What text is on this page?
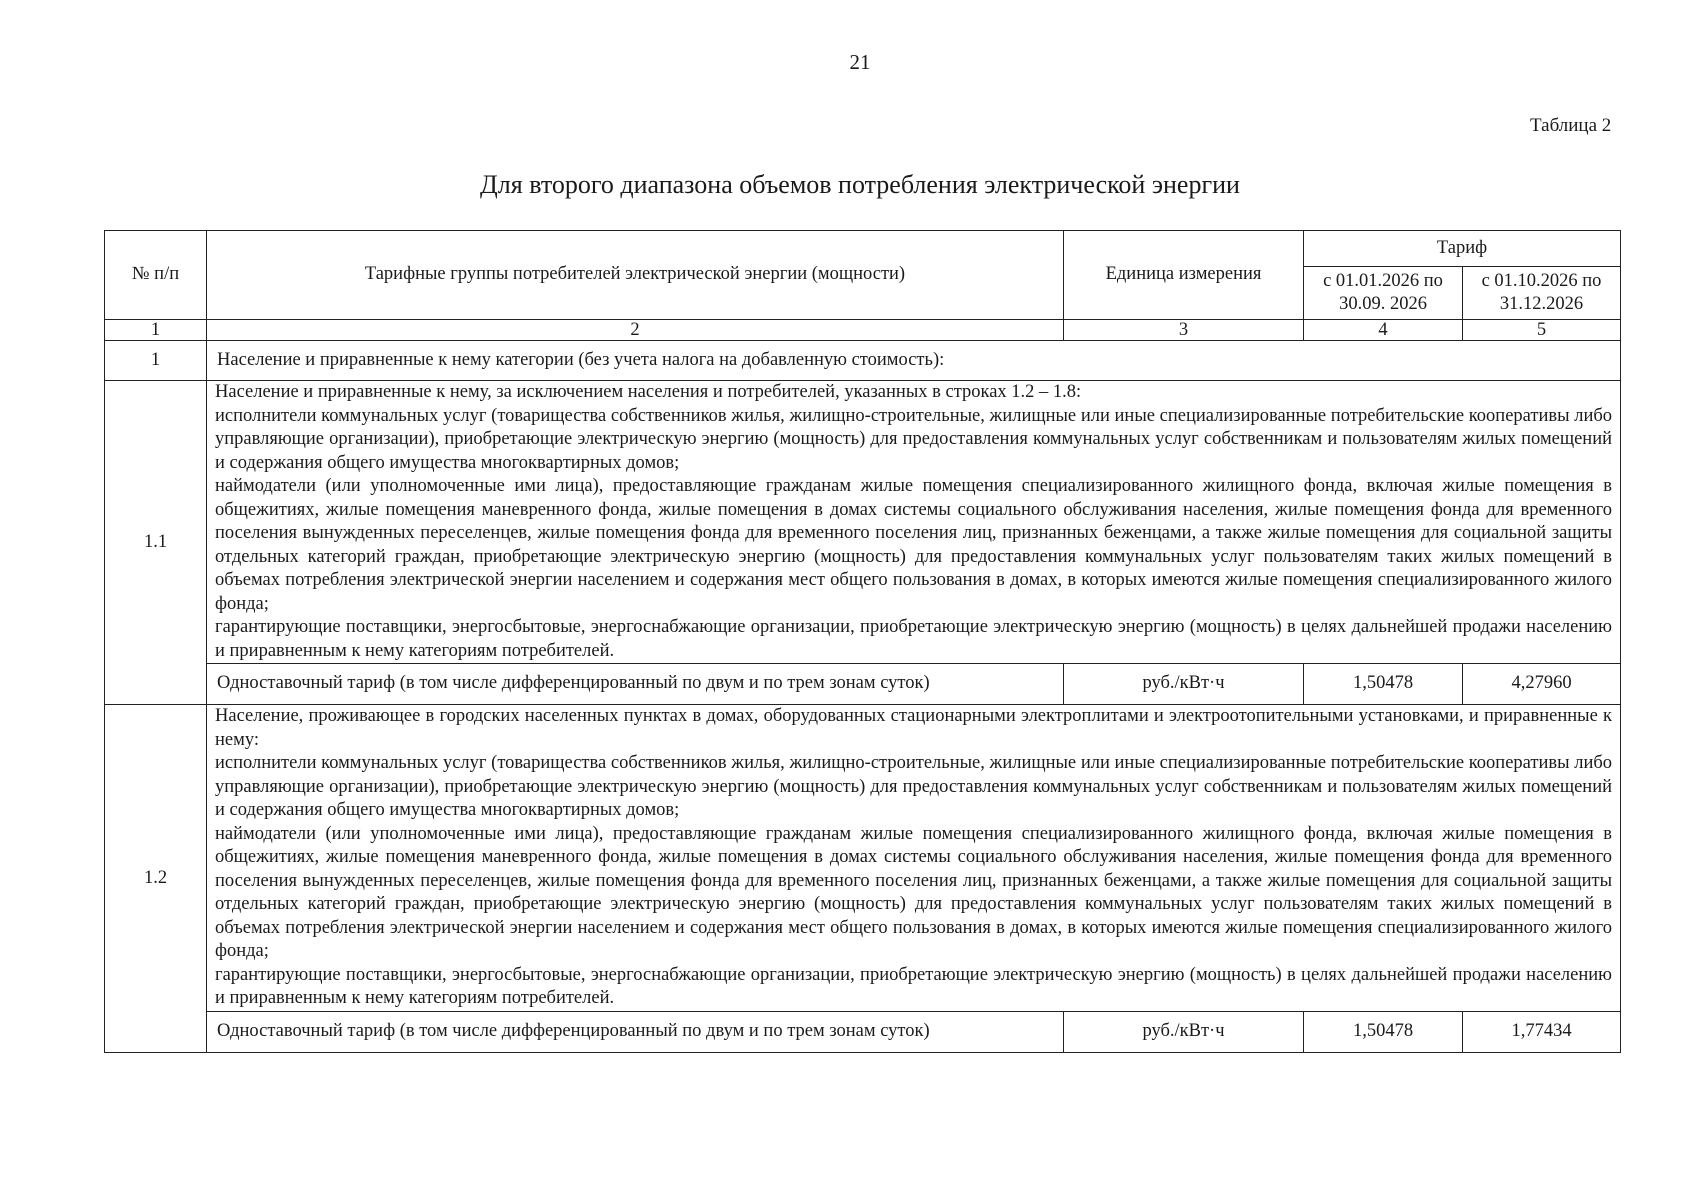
21
Таблица 2
Для второго диапазона объемов потребления электрической энергии
№ п/п	Тарифные группы потребителей электрической энергии (мощности)	Единица измерения	Тариф	
			с 01.01.2026 по 30.09. 2026	с 01.10.2026 по 31.12.2026
1	2	3	4	5
1	Население и приравненные к нему категории (без учета налога на добавленную стоимость):			
1.1	Население и приравненные к нему, за исключением населения и потребителей, указанных в строках 1.2 – 1.8:
исполнители коммунальных услуг (товарищества собственников жилья, жилищно-строительные, жилищные или иные специализированные потребительские кооперативы либо управляющие организации), приобретающие электрическую энергию (мощность) для предоставления коммунальных услуг собственникам и пользователям жилых помещений и содержания общего имущества многоквартирных домов;
наймодатели (или уполномоченные ими лица), предоставляющие гражданам жилые помещения специализированного жилищного фонда, включая жилые помещения в общежитиях, жилые помещения маневренного фонда, жилые помещения в домах системы социального обслуживания населения, жилые помещения фонда для временного поселения вынужденных переселенцев, жилые помещения фонда для временного поселения лиц, признанных беженцами, а также жилые помещения для социальной защиты отдельных категорий граждан, приобретающие электрическую энергию (мощность) для предоставления коммунальных услуг пользователям таких жилых помещений в объемах потребления электрической энергии населением и содержания мест общего пользования в домах, в которых имеются жилые помещения специализированного жилого фонда;
гарантирующие поставщики, энергосбытовые, энергоснабжающие организации, приобретающие электрическую энергию (мощность) в целях дальнейшей продажи населению и приравненным к нему категориям потребителей.			

	Одноставочный тариф (в том числе дифференцированный по двум и по трем зонам суток)	руб./кВт·ч	1,50478	4,27960
1.2	Население, проживающее в городских населенных пунктах в домах, оборудованных стационарными электроплитами и электроотопительными установками, и приравненные к нему:
исполнители коммунальных услуг (товарищества собственников жилья, жилищно-строительные, жилищные или иные специализированные потребительские кооперативы либо управляющие организации), приобретающие электрическую энергию (мощность) для предоставления коммунальных услуг собственникам и пользователям жилых помещений и содержания общего имущества многоквартирных домов;
наймодатели (или уполномоченные ими лица), предоставляющие гражданам жилые помещения специализированного жилищного фонда, включая жилые помещения в общежитиях, жилые помещения маневренного фонда, жилые помещения в домах системы социального обслуживания населения, жилые помещения фонда для временного поселения вынужденных переселенцев, жилые помещения фонда для временного поселения лиц, признанных беженцами, а также жилые помещения для социальной защиты отдельных категорий граждан, приобретающие электрическую энергию (мощность) для предоставления коммунальных услуг пользователям таких жилых помещений в объемах потребления электрической энергии населением и содержания мест общего пользования в домах, в которых имеются жилые помещения специализированного жилого фонда;
гарантирующие поставщики, энергосбытовые, энергоснабжающие организации, приобретающие электрическую энергию (мощность) в целях дальнейшей продажи населению и приравненным к нему категориям потребителей.			

	Одноставочный тариф (в том числе дифференцированный по двум и по трем зонам суток)	руб./кВт·ч	1,50478	1,77434
